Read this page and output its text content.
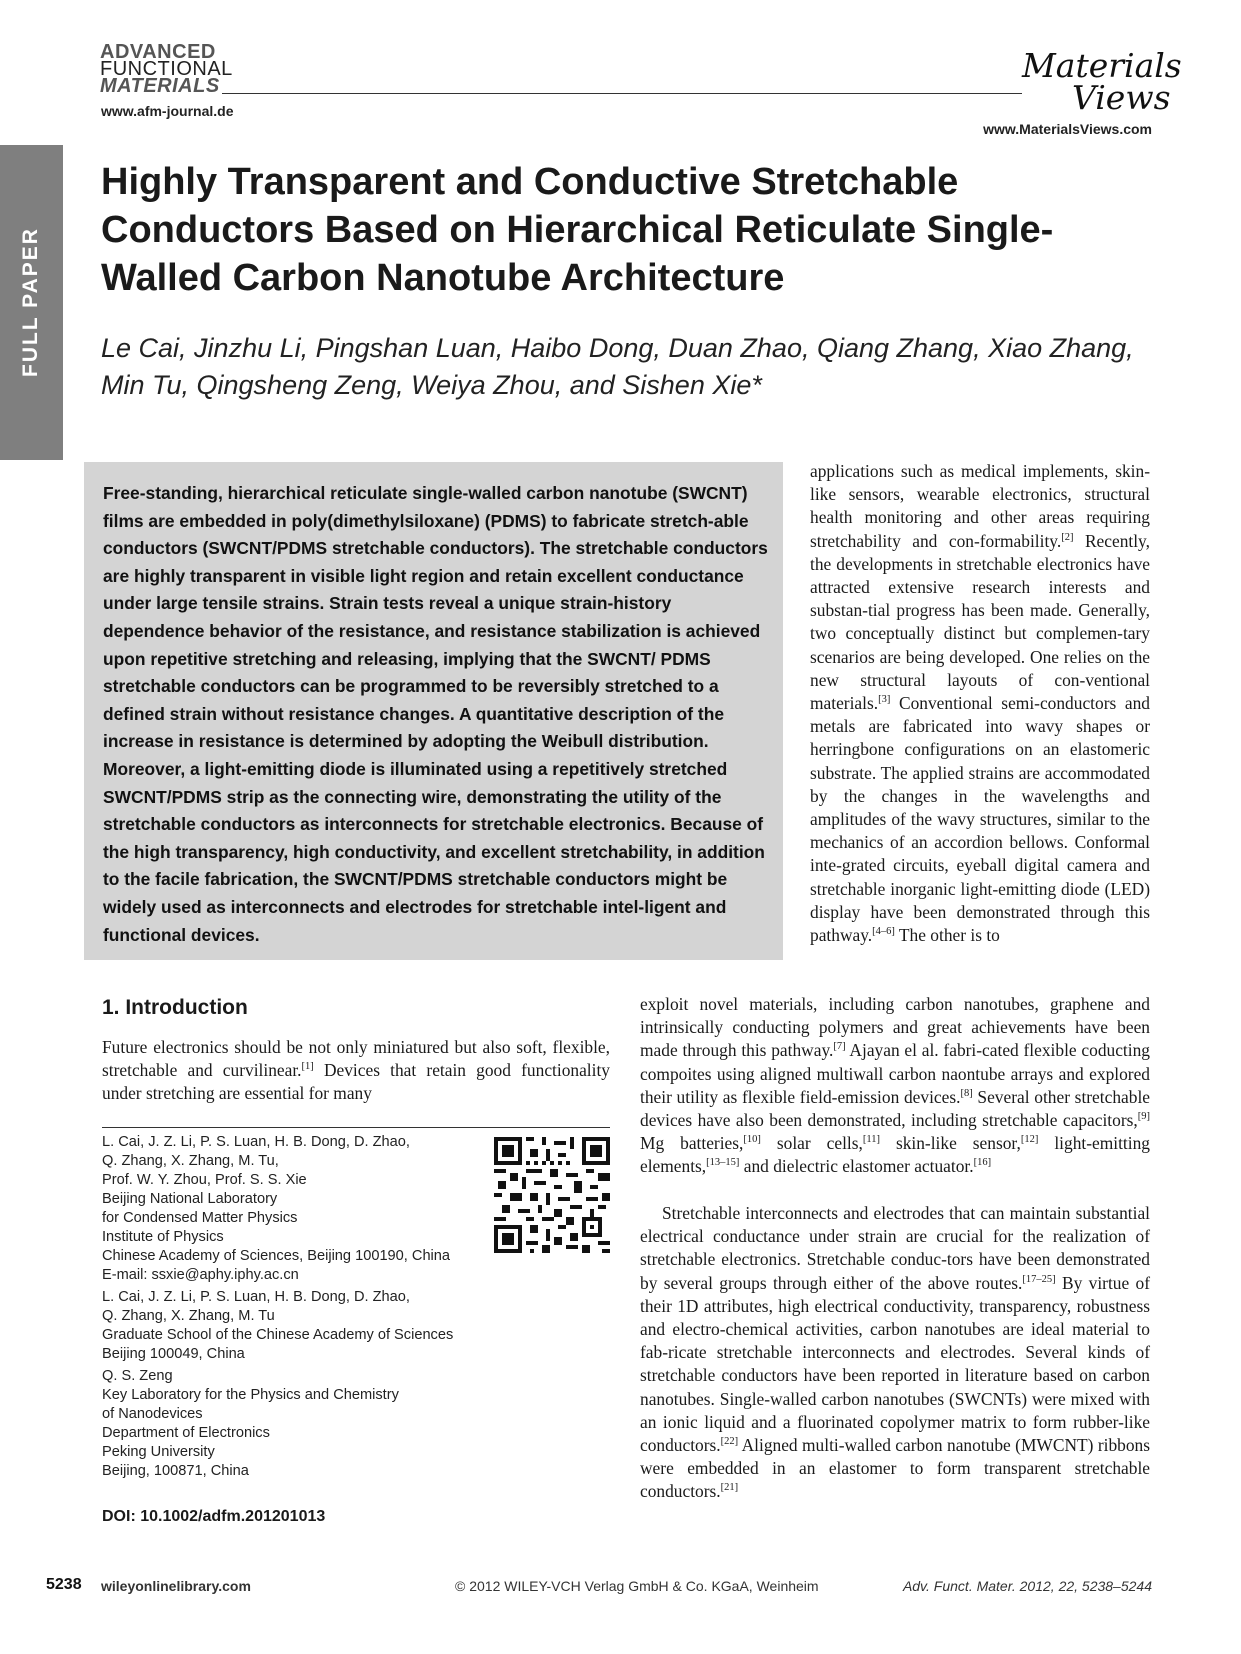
FULL PAPER
ADVANCED
FUNCTIONAL
MATERIALS
www.afm-journal.de
Materials
Views
www.MaterialsViews.com
Highly Transparent and Conductive Stretchable Conductors Based on Hierarchical Reticulate Single-Walled Carbon Nanotube Architecture

Le Cai, Jinzhu Li, Pingshan Luan, Haibo Dong, Duan Zhao, Qiang Zhang, Xiao Zhang, Min Tu, Qingsheng Zeng, Weiya Zhou, and Sishen Xie*

Free-standing, hierarchical reticulate single-walled carbon nanotube (SWCNT) films are embedded in poly(dimethylsiloxane) (PDMS) to fabricate stretch-able conductors (SWCNT/PDMS stretchable conductors). The stretchable conductors are highly transparent in visible light region and retain excellent conductance under large tensile strains. Strain tests reveal a unique strain-history dependence behavior of the resistance, and resistance stabilization is achieved upon repetitive stretching and releasing, implying that the SWCNT/ PDMS stretchable conductors can be programmed to be reversibly stretched to a defined strain without resistance changes. A quantitative description of the increase in resistance is determined by adopting the Weibull distribution. Moreover, a light-emitting diode is illuminated using a repetitively stretched SWCNT/PDMS strip as the connecting wire, demonstrating the utility of the stretchable conductors as interconnects for stretchable electronics. Because of the high transparency, high conductivity, and excellent stretchability, in addition to the facile fabrication, the SWCNT/PDMS stretchable conductors might be widely used as interconnects and electrodes for stretchable intel-ligent and functional devices.

applications such as medical implements, skin-like sensors, wearable electronics, structural health monitoring and other areas requiring stretchability and con-formability.[2] Recently, the developments in stretchable electronics have attracted extensive research interests and substan-tial progress has been made. Generally, two conceptually distinct but complemen-tary scenarios are being developed. One relies on the new structural layouts of con-ventional materials.[3] Conventional semi-conductors and metals are fabricated into wavy shapes or herringbone configurations on an elastomeric substrate. The applied strains are accommodated by the changes in the wavelengths and amplitudes of the wavy structures, similar to the mechanics of an accordion bellows. Conformal inte-grated circuits, eyeball digital camera and stretchable inorganic light-emitting diode (LED) display have been demonstrated through this pathway.[4–6] The other is to

exploit novel materials, including carbon nanotubes, graphene and intrinsically conducting polymers and great achievements have been made through this pathway.[7] Ajayan el al. fabri-cated flexible coducting compoites using aligned multiwall carbon naontube arrays and explored their utility as flexible field-emission devices.[8] Several other stretchable devices have also been demonstrated, including stretchable capacitors,[9] Mg batteries,[10] solar cells,[11] skin-like sensor,[12] light-emitting elements,[13–15] and dielectric elastomer actuator.[16]

Stretchable interconnects and electrodes that can maintain substantial electrical conductance under strain are crucial for the realization of stretchable electronics. Stretchable conduc-tors have been demonstrated by several groups through either of the above routes.[17–25] By virtue of their 1D attributes, high electrical conductivity, transparency, robustness and electro-chemical activities, carbon nanotubes are ideal material to fab-ricate stretchable interconnects and electrodes. Several kinds of stretchable conductors have been reported in literature based on carbon nanotubes. Single-walled carbon nanotubes (SWCNTs) were mixed with an ionic liquid and a fluorinated copolymer matrix to form rubber-like conductors.[22] Aligned multi-walled carbon nanotube (MWCNT) ribbons were embedded in an elastomer to form transparent stretchable conductors.[21]

1. Introduction

Future electronics should be not only miniatured but also soft, flexible, stretchable and curvilinear.[1] Devices that retain good functionality under stretching are essential for many

L. Cai, J. Z. Li, P. S. Luan, H. B. Dong, D. Zhao,
Q. Zhang, X. Zhang, M. Tu,
Prof. W. Y. Zhou, Prof. S. S. Xie
Beijing National Laboratory
for Condensed Matter Physics
Institute of Physics
Chinese Academy of Sciences, Beijing 100190, China
E-mail: ssxie@aphy.iphy.ac.cn
L. Cai, J. Z. Li, P. S. Luan, H. B. Dong, D. Zhao,
Q. Zhang, X. Zhang, M. Tu
Graduate School of the Chinese Academy of Sciences
Beijing 100049, China
Q. S. Zeng
Key Laboratory for the Physics and Chemistry
of Nanodevices
Department of Electronics
Peking University
Beijing, 100871, China
DOI: 10.1002/adfm.201201013
5238 wileyonlinelibrary.com	© 2012 WILEY-VCH Verlag GmbH & Co. KGaA, Weinheim	Adv. Funct. Mater. 2012, 22, 5238–5244
